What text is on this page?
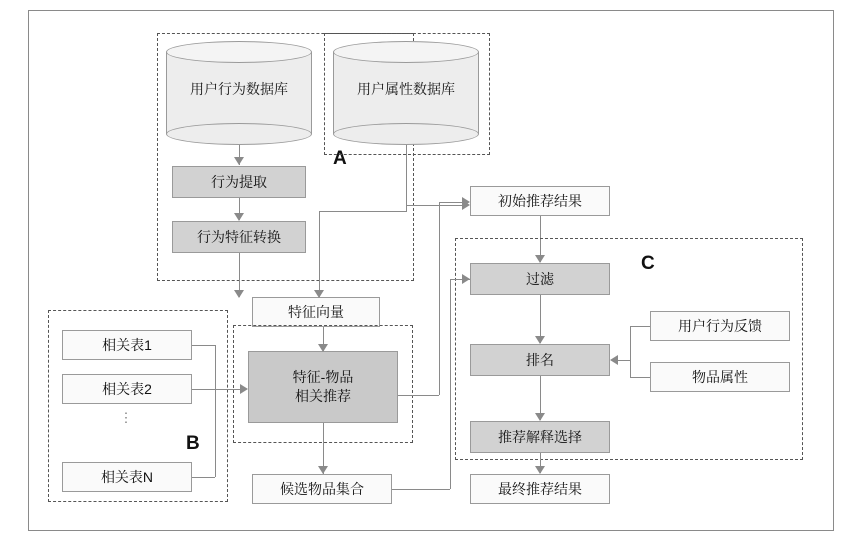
A
用户行为数据库	用户属性数据库
行为提取
行为特征转换
特征向量
初始推荐结果
C
过滤
排名
推荐解释选择
最终推荐结果
用户行为反馈
物品属性
B
相关表1
相关表2
⋮
相关表N
特征-物品
相关推荐
候选物品集合
